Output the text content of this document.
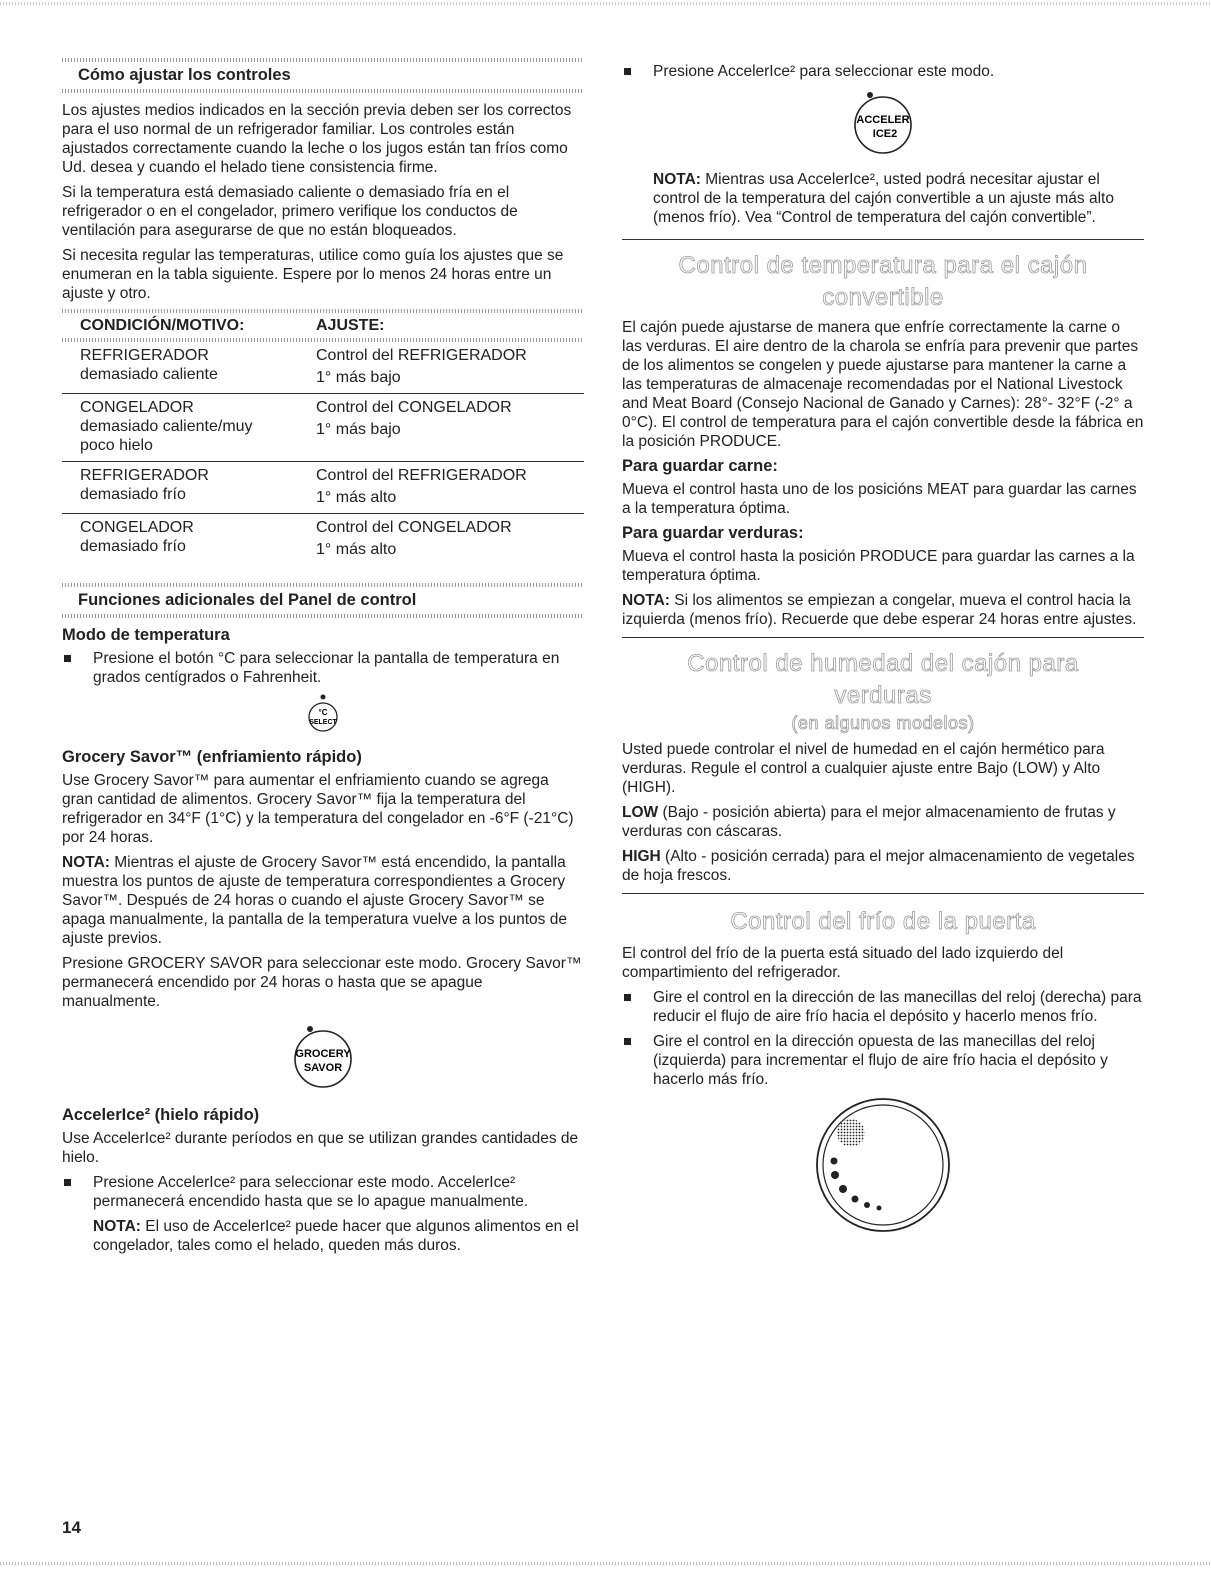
Cómo ajustar los controles

Los ajustes medios indicados en la sección previa deben ser los correctos para el uso normal de un refrigerador familiar. Los controles están ajustados correctamente cuando la leche o los jugos están tan fríos como Ud. desea y cuando el helado tiene consistencia firme.

Si la temperatura está demasiado caliente o demasiado fría en el refrigerador o en el congelador, primero verifique los conductos de ventilación para asegurarse de que no están bloqueados.

Si necesita regular las temperaturas, utilice como guía los ajustes que se enumeran en la tabla siguiente. Espere por lo menos 24 horas entre un ajuste y otro.

CONDICIÓN/MOTIVO:	AJUSTE:
REFRIGERADOR
demasiado caliente
Control del REFRIGERADOR
1° más bajo
CONGELADOR
demasiado caliente/muy poco hielo
Control del CONGELADOR
1° más bajo
REFRIGERADOR
demasiado frío
Control del REFRIGERADOR
1° más alto
CONGELADOR
demasiado frío
Control del CONGELADOR
1° más alto
Funciones adicionales del Panel de control
Modo de temperatura
Presione el botón °C para seleccionar la pantalla de temperatura en grados centígrados o Fahrenheit.
°C
SELECT
Grocery Savor™ (enfriamiento rápido)

Use Grocery Savor™ para aumentar el enfriamiento cuando se agrega gran cantidad de alimentos. Grocery Savor™ fija la temperatura del refrigerador en 34°F (1°C) y la temperatura del congelador en -6°F (-21°C) por 24 horas.

NOTA: Mientras el ajuste de Grocery Savor™ está encendido, la pantalla muestra los puntos de ajuste de temperatura correspondientes a Grocery Savor™. Después de 24 horas o cuando el ajuste Grocery Savor™ se apaga manualmente, la pantalla de la temperatura vuelve a los puntos de ajuste previos.

Presione GROCERY SAVOR para seleccionar este modo. Grocery Savor™ permanecerá encendido por 24 horas o hasta que se apague manualmente.

GROCERY
SAVOR
AccelerIce² (hielo rápido)

Use AccelerIce² durante períodos en que se utilizan grandes cantidades de hielo.

Presione AccelerIce² para seleccionar este modo. AccelerIce² permanecerá encendido hasta que se lo apague manualmente.

NOTA: El uso de AccelerIce² puede hacer que algunos alimentos en el congelador, tales como el helado, queden más duros.

Presione AccelerIce² para seleccionar este modo.
ACCELER
ICE2

NOTA: Mientras usa AccelerIce², usted podrá necesitar ajustar el control de la temperatura del cajón convertible a un ajuste más alto (menos frío). Vea “Control de temperatura del cajón convertible”.

Control de temperatura para el cajón
convertible

El cajón puede ajustarse de manera que enfríe correctamente la carne o las verduras. El aire dentro de la charola se enfría para prevenir que partes de los alimentos se congelen y puede ajustarse para mantener la carne a las temperaturas de almacenaje recomendadas por el National Livestock and Meat Board (Consejo Nacional de Ganado y Carnes): 28°- 32°F (-2° a 0°C). El control de temperatura para el cajón convertible desde la fábrica en la posición PRODUCE.

Para guardar carne:

Mueva el control hasta uno de los posicións MEAT para guardar las carnes a la temperatura óptima.

Para guardar verduras:

Mueva el control hasta la posición PRODUCE para guardar las carnes a la temperatura óptima.

NOTA: Si los alimentos se empiezan a congelar, mueva el control hacia la izquierda (menos frío). Recuerde que debe esperar 24 horas entre ajustes.

Control de humedad del cajón para
verduras
(en algunos modelos)

Usted puede controlar el nivel de humedad en el cajón hermético para verduras. Regule el control a cualquier ajuste entre Bajo (LOW) y Alto (HIGH).

LOW (Bajo - posición abierta) para el mejor almacenamiento de frutas y verduras con cáscaras.

HIGH (Alto - posición cerrada) para el mejor almacenamiento de vegetales de hoja frescos.

Control del frío de la puerta

El control del frío de la puerta está situado del lado izquierdo del compartimiento del refrigerador.

Gire el control en la dirección de las manecillas del reloj (derecha) para reducir el flujo de aire frío hacia el depósito y hacerlo menos frío.
Gire el control en la dirección opuesta de las manecillas del reloj (izquierda) para incrementar el flujo de aire frío hacia el depósito y hacerlo más frío.
14
